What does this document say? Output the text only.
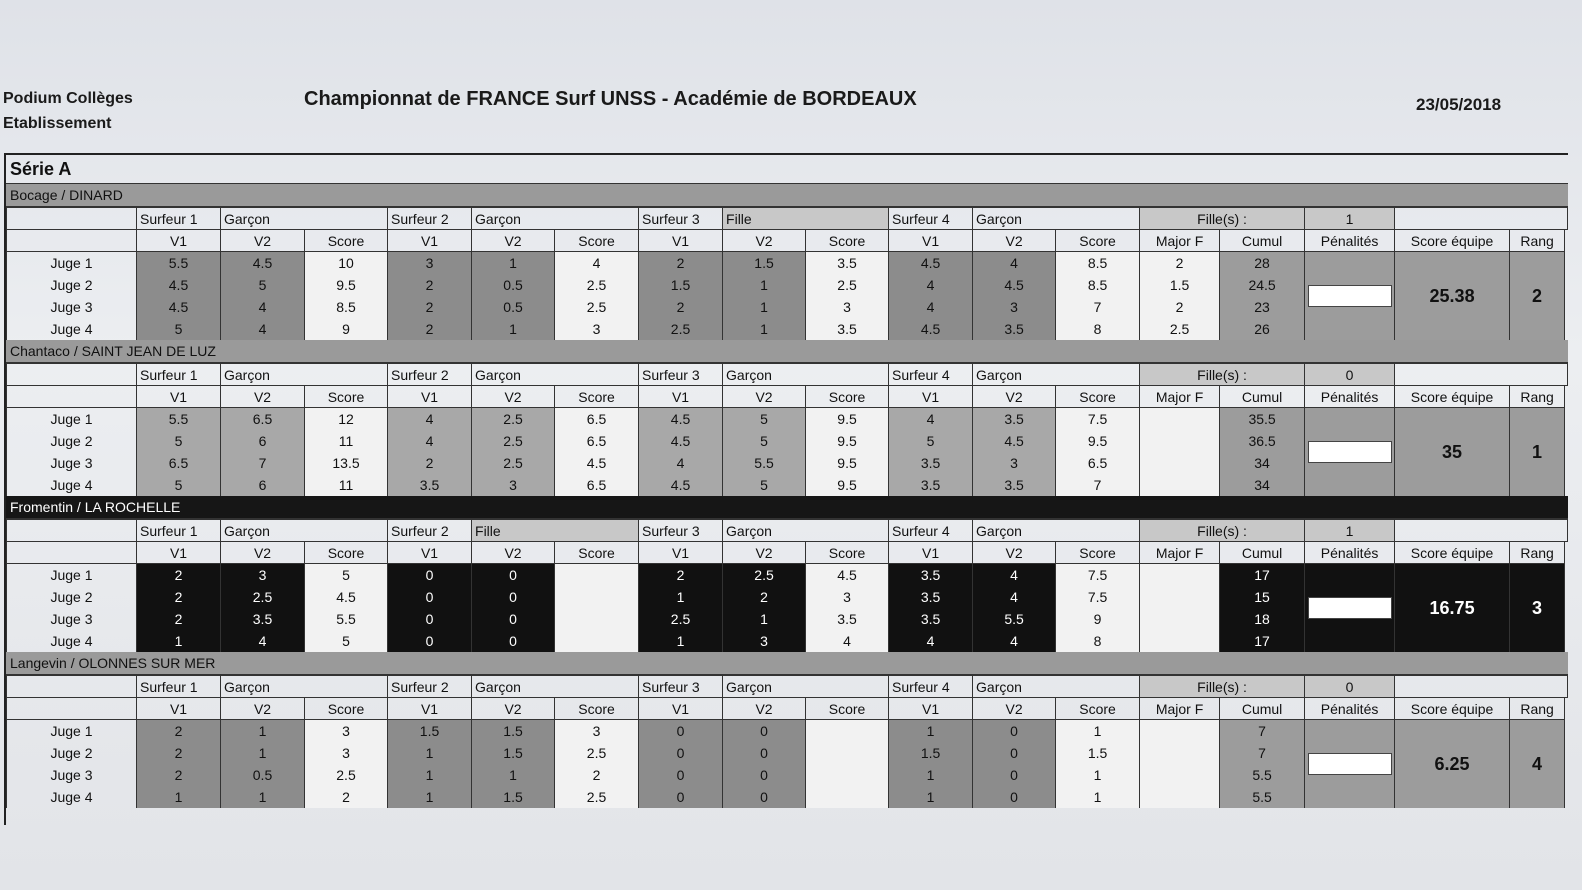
Podium Collèges
Etablissement
Championnat de FRANCE Surf UNSS - Académie de BORDEAUX	23/05/2018
Série A
Bocage / DINARD
	Surfeur 1	Garçon		Surfeur 2	Garçon		Surfeur 3	Fille		Surfeur 4	Garçon		Fille(s) :		1		
	V1	V2	Score	V1	V2	Score	V1	V2	Score	V1	V2	Score	Major F	Cumul	Pénalités	Score équipe	Rang
Juge 1	5.5	4.5	10	3	1	4	2	1.5	3.5	4.5	4	8.5	2	28		25.38	2
Juge 2	4.5	5	9.5	2	0.5	2.5	1.5	1	2.5	4	4.5	8.5	1.5	24.5			
Juge 3	4.5	4	8.5	2	0.5	2.5	2	1	3	4	3	7	2	23			
Juge 4	5	4	9	2	1	3	2.5	1	3.5	4.5	3.5	8	2.5	26			
Chantaco / SAINT JEAN DE LUZ
	Surfeur 1	Garçon		Surfeur 2	Garçon		Surfeur 3	Garçon		Surfeur 4	Garçon		Fille(s) :		0		
	V1	V2	Score	V1	V2	Score	V1	V2	Score	V1	V2	Score	Major F	Cumul	Pénalités	Score équipe	Rang
Juge 1	5.5	6.5	12	4	2.5	6.5	4.5	5	9.5	4	3.5	7.5		35.5		35	1
Juge 2	5	6	11	4	2.5	6.5	4.5	5	9.5	5	4.5	9.5		36.5			
Juge 3	6.5	7	13.5	2	2.5	4.5	4	5.5	9.5	3.5	3	6.5		34			
Juge 4	5	6	11	3.5	3	6.5	4.5	5	9.5	3.5	3.5	7		34			
Fromentin / LA ROCHELLE
	Surfeur 1	Garçon		Surfeur 2	Fille		Surfeur 3	Garçon		Surfeur 4	Garçon		Fille(s) :		1		
	V1	V2	Score	V1	V2	Score	V1	V2	Score	V1	V2	Score	Major F	Cumul	Pénalités	Score équipe	Rang
Juge 1	2	3	5	0	0		2	2.5	4.5	3.5	4	7.5		17		16.75	3
Juge 2	2	2.5	4.5	0	0		1	2	3	3.5	4	7.5		15			
Juge 3	2	3.5	5.5	0	0		2.5	1	3.5	3.5	5.5	9		18			
Juge 4	1	4	5	0	0		1	3	4	4	4	8		17			
Langevin / OLONNES SUR MER
	Surfeur 1	Garçon		Surfeur 2	Garçon		Surfeur 3	Garçon		Surfeur 4	Garçon		Fille(s) :		0		
	V1	V2	Score	V1	V2	Score	V1	V2	Score	V1	V2	Score	Major F	Cumul	Pénalités	Score équipe	Rang
Juge 1	2	1	3	1.5	1.5	3	0	0		1	0	1		7		6.25	4
Juge 2	2	1	3	1	1.5	2.5	0	0		1.5	0	1.5		7			
Juge 3	2	0.5	2.5	1	1	2	0	0		1	0	1		5.5			
Juge 4	1	1	2	1	1.5	2.5	0	0		1	0	1		5.5			
